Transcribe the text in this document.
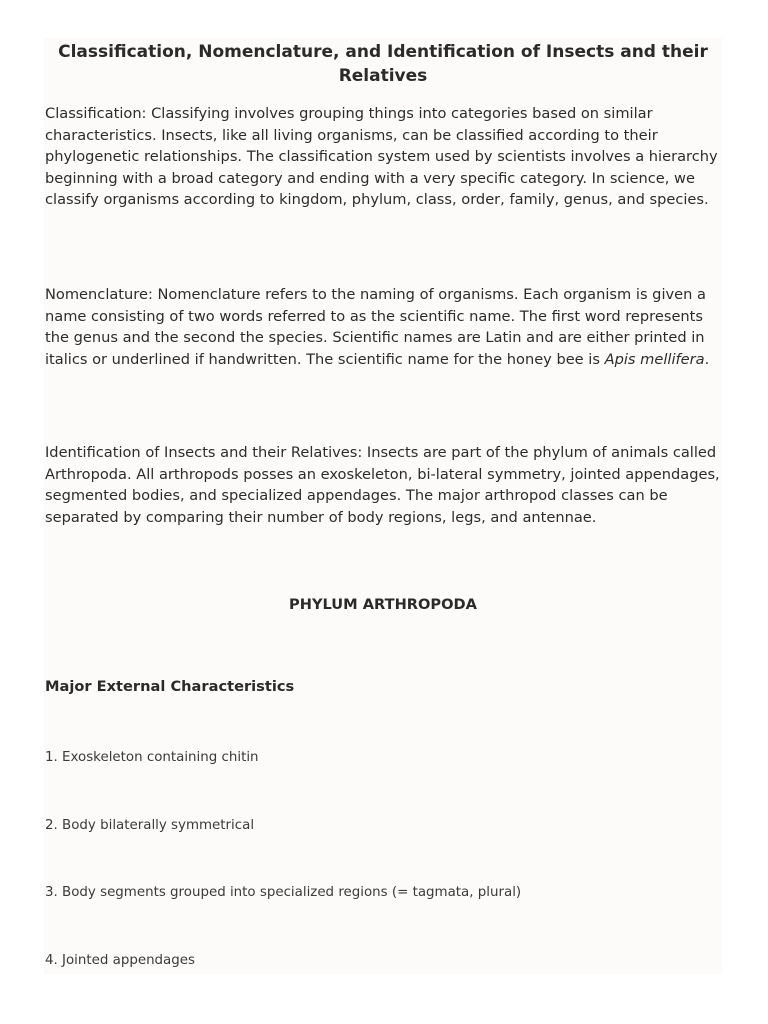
Classification, Nomenclature, and Identification of Insects and their Relatives

Classification: Classifying involves grouping things into categories based on similar characteristics. Insects, like all living organisms, can be classified according to their phylogenetic relationships. The classification system used by scientists involves a hierarchy beginning with a broad category and ending with a very specific category. In science, we classify organisms according to kingdom, phylum, class, order, family, genus, and species.

Nomenclature: Nomenclature refers to the naming of organisms. Each organism is given a name consisting of two words referred to as the scientific name. The first word represents the genus and the second the species. Scientific names are Latin and are either printed in italics or underlined if handwritten. The scientific name for the honey bee is Apis mellifera.

Identification of Insects and their Relatives: Insects are part of the phylum of animals called Arthropoda. All arthropods posses an exoskeleton, bi-lateral symmetry, jointed appendages, segmented bodies, and specialized appendages. The major arthropod classes can be separated by comparing their number of body regions, legs, and antennae.

PHYLUM ARTHROPODA
Major External Characteristics
1. Exoskeleton containing chitin
2. Body bilaterally symmetrical
3. Body segments grouped into specialized regions (= tagmata, plural)
4. Jointed appendages
